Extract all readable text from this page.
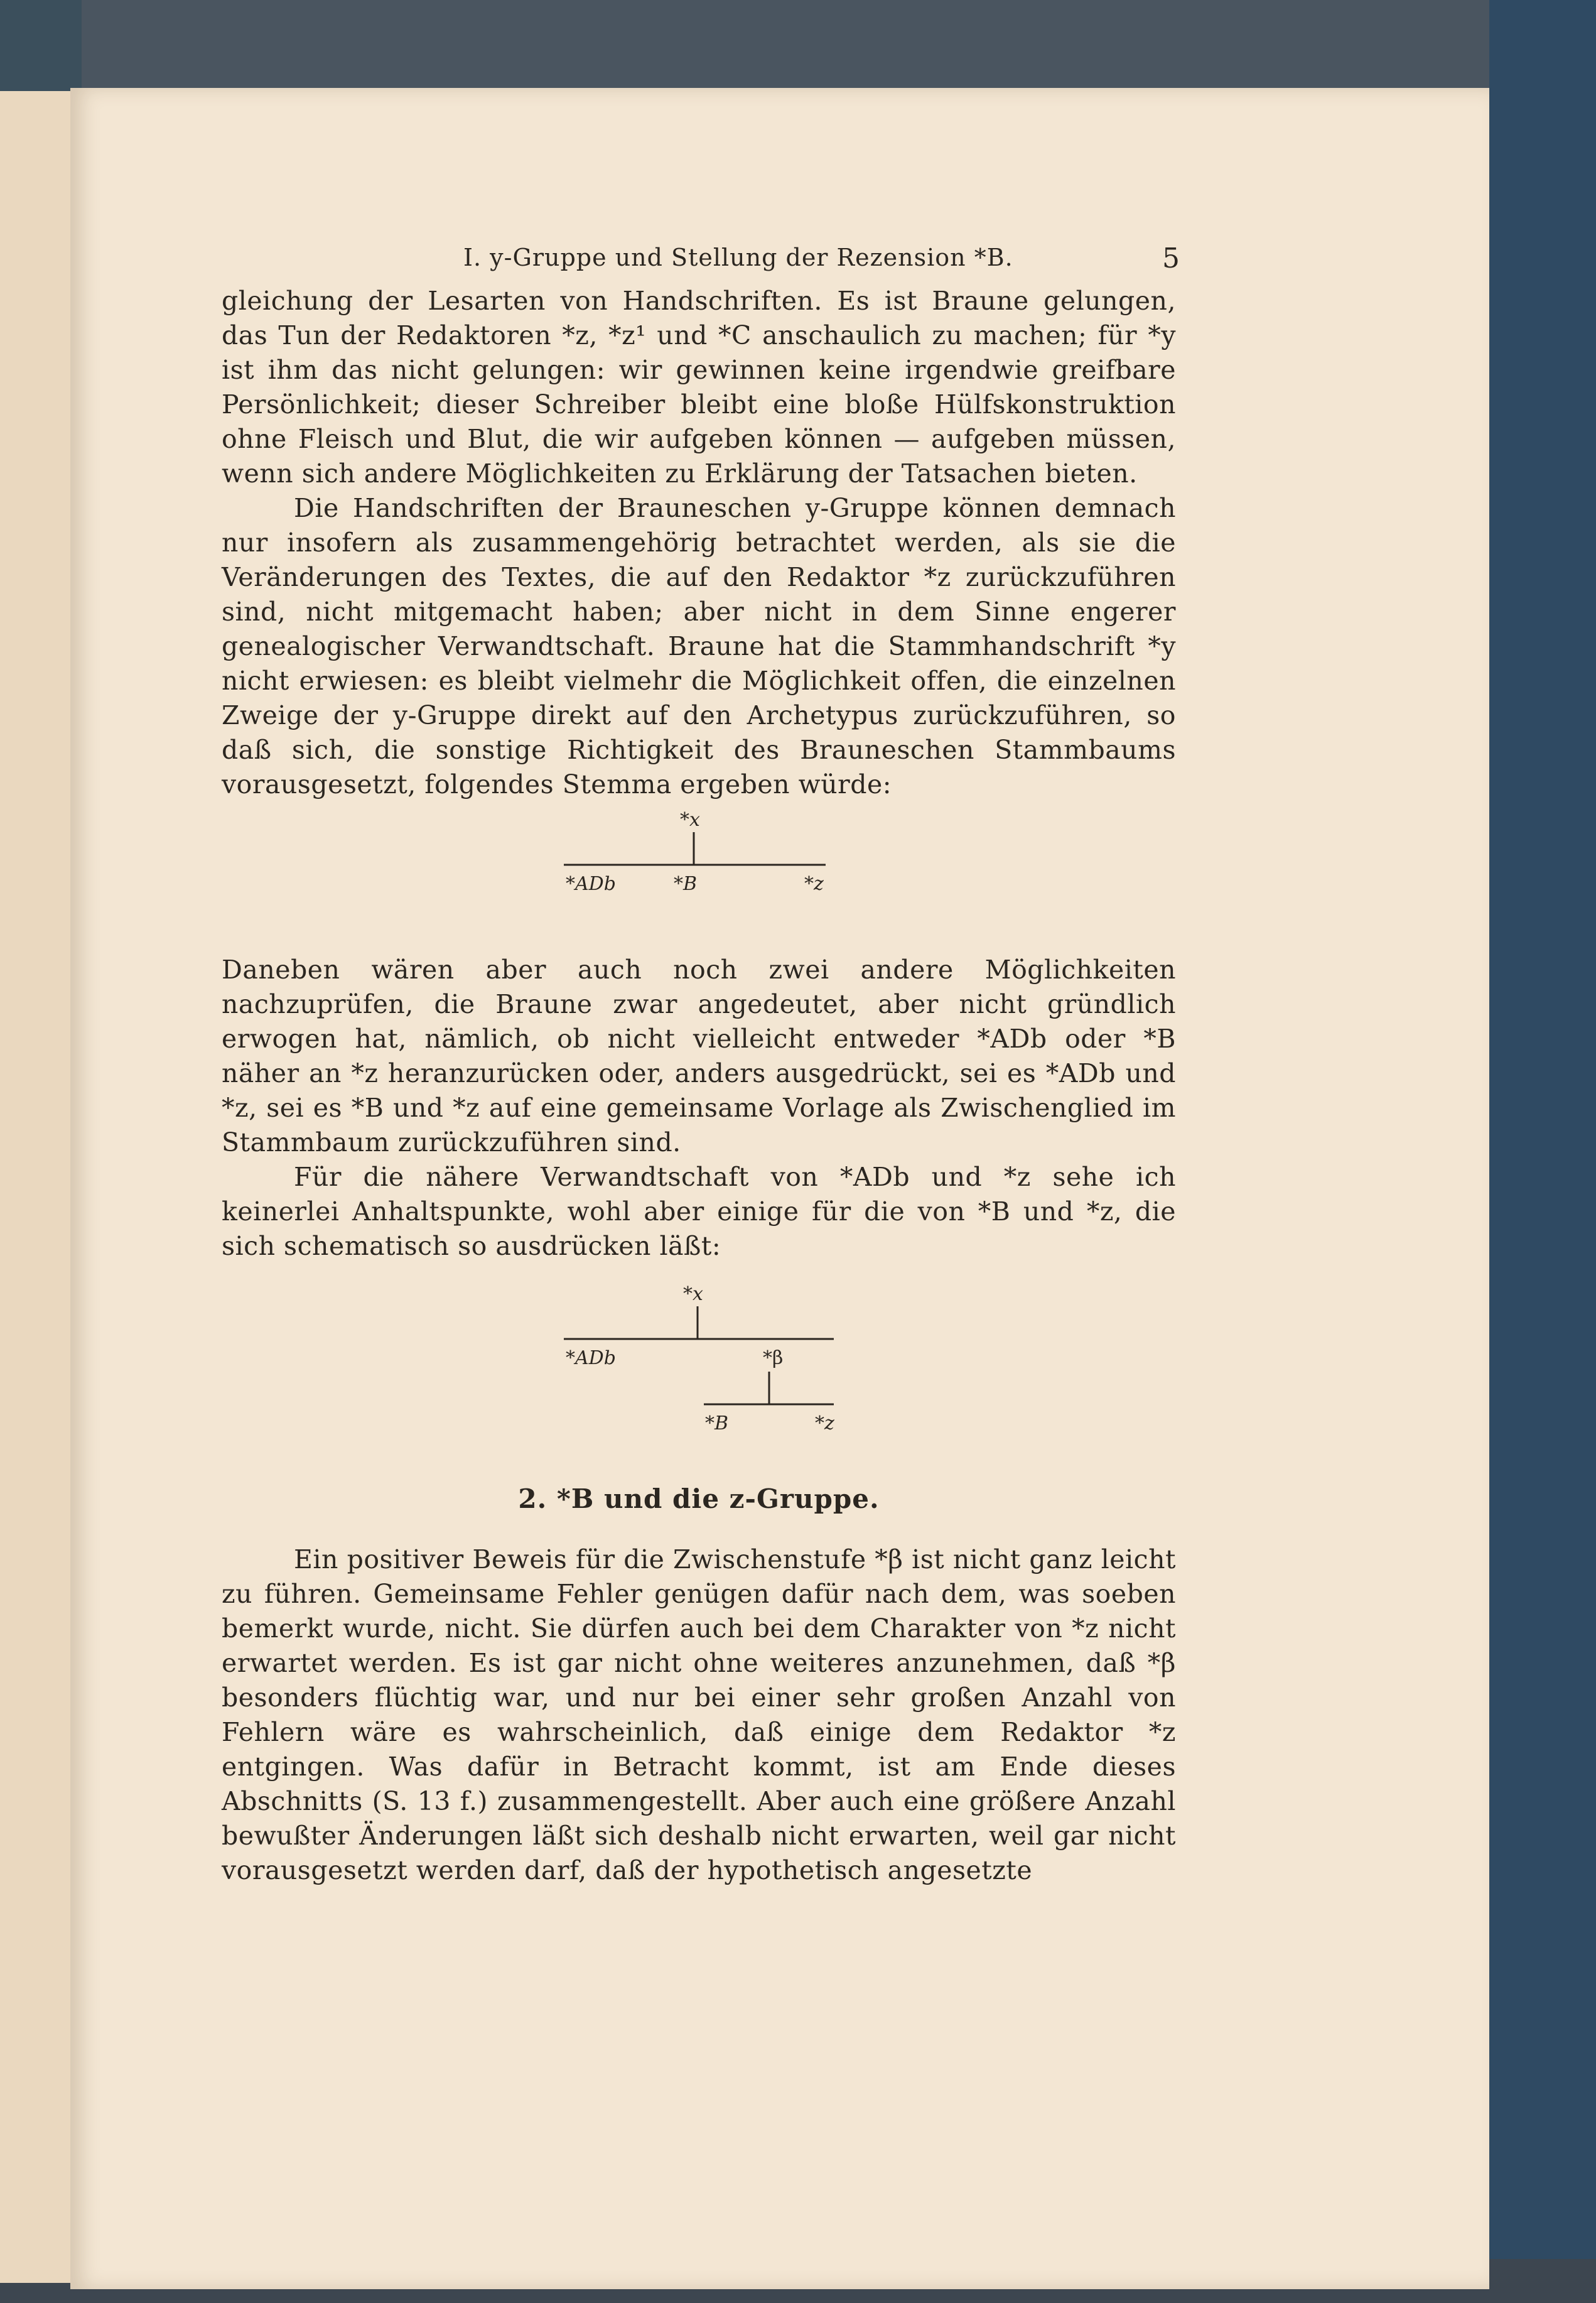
I. y-Gruppe und Stellung der Rezension *B.	5

gleichung der Lesarten von Handschriften. Es ist Braune gelungen, das Tun der Redaktoren *z, *z¹ und *C anschaulich zu machen; für *y ist ihm das nicht gelungen: wir gewinnen keine irgendwie greifbare Persönlichkeit; dieser Schreiber bleibt eine bloße Hülfskonstruktion ohne Fleisch und Blut, die wir aufgeben können — aufgeben müssen, wenn sich andere Möglichkeiten zu Erklärung der Tatsachen bieten.

Die Handschriften der Brauneschen y-Gruppe können demnach nur insofern als zusammengehörig betrachtet werden, als sie die Veränderungen des Textes, die auf den Redaktor *z zurückzuführen sind, nicht mitgemacht haben; aber nicht in dem Sinne engerer genealogischer Verwandtschaft. Braune hat die Stammhandschrift *y nicht erwiesen: es bleibt vielmehr die Möglichkeit offen, die einzelnen Zweige der y-Gruppe direkt auf den Archetypus zurückzuführen, so daß sich, die sonstige Richtigkeit des Brauneschen Stammbaums vorausgesetzt, folgendes Stemma ergeben würde:

*x
*ADb	*B	*z

Daneben wären aber auch noch zwei andere Möglichkeiten nachzuprüfen, die Braune zwar angedeutet, aber nicht gründlich erwogen hat, nämlich, ob nicht vielleicht entweder *ADb oder *B näher an *z heranzurücken oder, anders ausgedrückt, sei es *ADb und *z, sei es *B und *z auf eine gemeinsame Vorlage als Zwischenglied im Stammbaum zurückzuführen sind.

Für die nähere Verwandtschaft von *ADb und *z sehe ich keinerlei Anhaltspunkte, wohl aber einige für die von *B und *z, die sich schematisch so ausdrücken läßt:

*x
*ADb	*β
*B	*z
2. *B und die z-Gruppe.

Ein positiver Beweis für die Zwischenstufe *β ist nicht ganz leicht zu führen. Gemeinsame Fehler genügen dafür nach dem, was soeben bemerkt wurde, nicht. Sie dürfen auch bei dem Charakter von *z nicht erwartet werden. Es ist gar nicht ohne weiteres anzunehmen, daß *β besonders flüchtig war, und nur bei einer sehr großen Anzahl von Fehlern wäre es wahrscheinlich, daß einige dem Redaktor *z entgingen. Was dafür in Betracht kommt, ist am Ende dieses Abschnitts (S. 13 f.) zusammengestellt. Aber auch eine größere Anzahl bewußter Änderungen läßt sich deshalb nicht erwarten, weil gar nicht vorausgesetzt werden darf, daß der hypothetisch angesetzte
